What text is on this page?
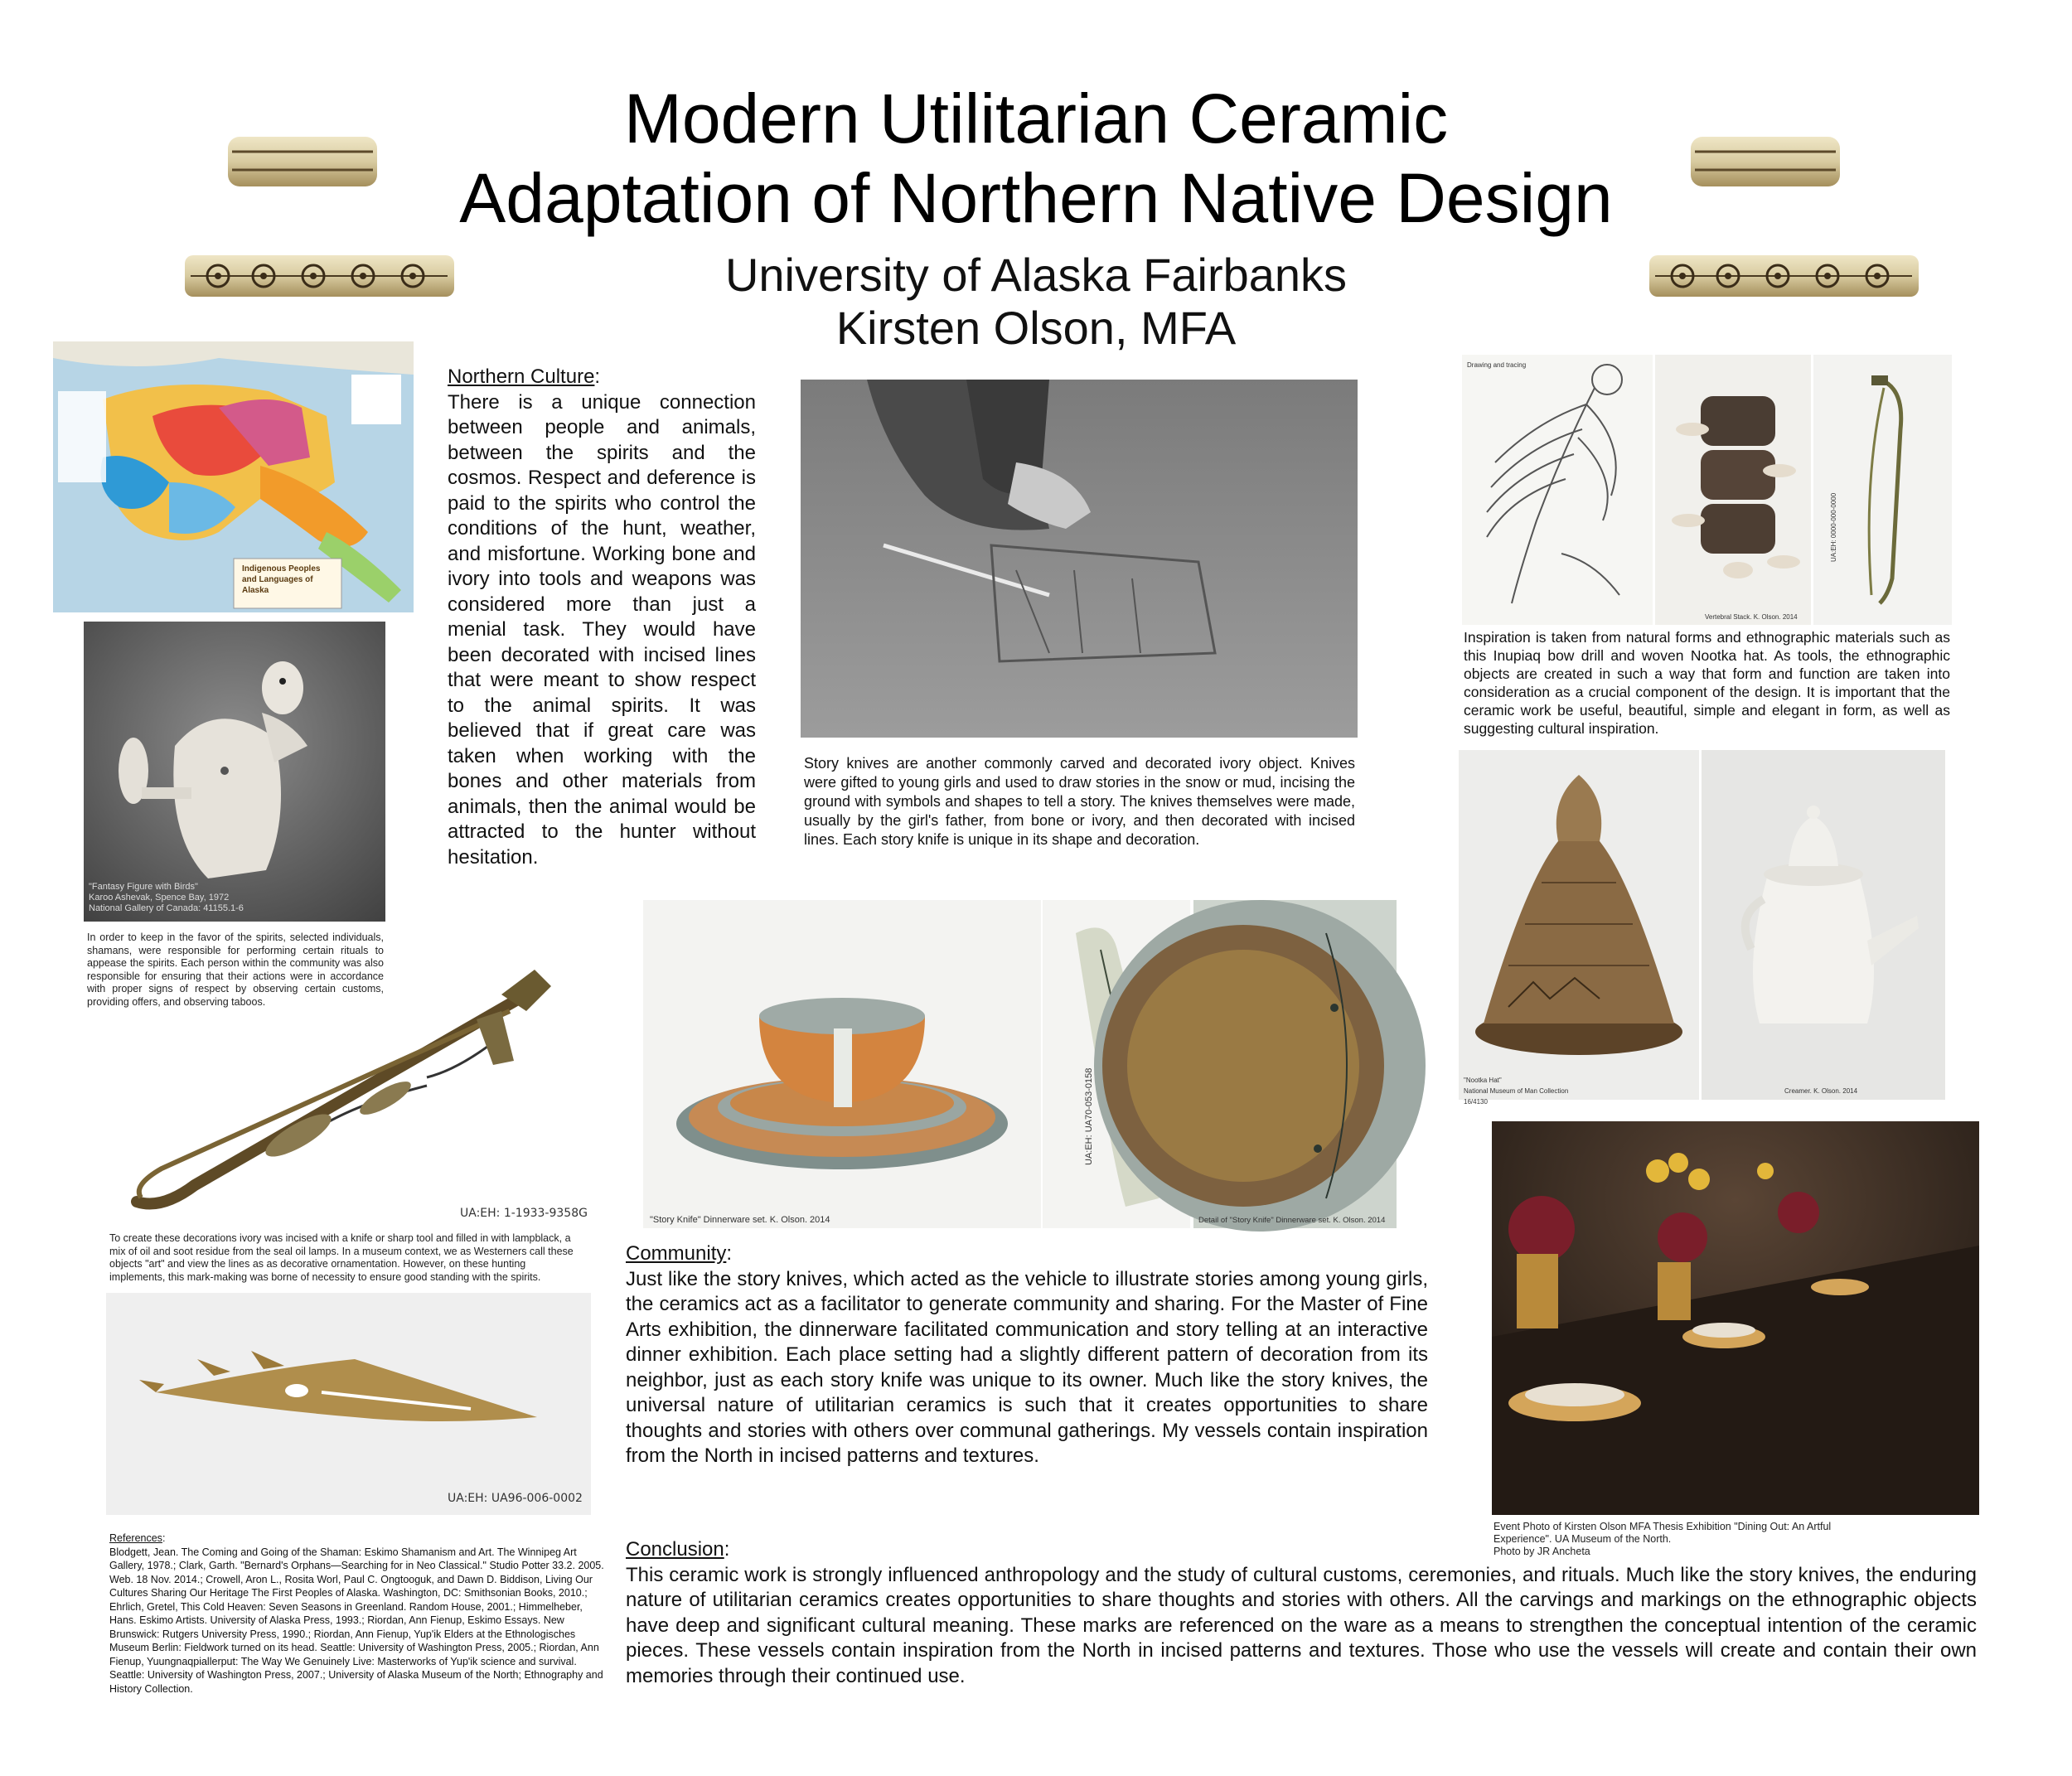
Modern Utilitarian Ceramic
Adaptation of Northern Native Design
University of Alaska Fairbanks
Kirsten Olson, MFA
Indigenous Peoples and Languages of Alaska
"Fantasy Figure with Birds"
Karoo Ashevak, Spence Bay, 1972
National Gallery of Canada: 41155.1-6
In order to keep in the favor of the spirits, selected individuals, shamans, were responsible for performing certain rituals to appease the spirits. Each person within the community was also responsible for ensuring that their actions were in accordance with proper signs of respect by observing certain customs, providing offers, and observing taboos.
UA:EH: 1-1933-9358G
To create these decorations ivory was incised with a knife or sharp tool and filled in with lampblack, a mix of oil and soot residue from the seal oil lamps. In a museum context, we as Westerners call these objects "art" and view the lines as as decorative ornamentation. However, on these hunting implements, this mark-making was borne of necessity to ensure good standing with the spirits.
UA:EH: UA96-006-0002
References:
Blodgett, Jean. The Coming and Going of the Shaman: Eskimo Shamanism and Art. The Winnipeg Art Gallery, 1978.; Clark, Garth. "Bernard's Orphans—Searching for in Neo Classical." Studio Potter 33.2. 2005. Web. 18 Nov. 2014.; Crowell, Aron L., Rosita Worl, Paul C. Ongtooguk, and Dawn D. Biddison, Living Our Cultures Sharing Our Heritage The First Peoples of Alaska. Washington, DC: Smithsonian Books, 2010.; Ehrlich, Gretel, This Cold Heaven: Seven Seasons in Greenland. Random House, 2001.; Himmelheber, Hans. Eskimo Artists. University of Alaska Press, 1993.; Riordan, Ann Fienup, Eskimo Essays. New Brunswick: Rutgers University Press, 1990.; Riordan, Ann Fienup, Yup'ik Elders at the Ethnologisches Museum Berlin: Fieldwork turned on its head. Seattle: University of Washington Press, 2005.; Riordan, Ann Fienup, Yuungnaqpiallerput: The Way We Genuinely Live: Masterworks of Yup'ik science and survival. Seattle: University of Washington Press, 2007.; University of Alaska Museum of the North; Ethnography and History Collection.
Northern Culture:
There is a unique connection between people and animals, between the spirits and the cosmos. Respect and deference is paid to the spirits who control the conditions of the hunt, weather, and misfortune. Working bone and ivory into tools and weapons was considered more than just a menial task. They would have been decorated with incised lines that were meant to show respect to the animal spirits. It was believed that if great care was taken when working with the bones and other materials from animals, then the animal would be attracted to the hunter without hesitation.
Story knives are another commonly carved and decorated ivory object. Knives were gifted to young girls and used to draw stories in the snow or mud, incising the ground with symbols and shapes to tell a story. The knives themselves were made, usually by the girl's father, from bone or ivory, and then decorated with incised lines. Each story knife is unique in its shape and decoration.
"Story Knife" Dinnerware set. K. Olson. 2014
UA:EH: UA70-053-0158
Detail of "Story Knife" Dinnerware set. K. Olson. 2014
Community:
Just like the story knives, which acted as the vehicle to illustrate stories among young girls, the ceramics act as a facilitator to generate community and sharing. For the Master of Fine Arts exhibition, the dinnerware facilitated communication and story telling at an interactive dinner exhibition. Each place setting had a slightly different pattern of decoration from its neighbor, just as each story knife was unique to its owner. Much like the story knives, the universal nature of utilitarian ceramics is such that it creates opportunities to share thoughts and stories with others over communal gatherings. My vessels contain inspiration from the North in incised patterns and textures.
Conclusion:
This ceramic work is strongly influenced anthropology and the study of cultural customs, ceremonies, and rituals. Much like the story knives, the enduring nature of utilitarian ceramics creates opportunities to share thoughts and stories with others. All the carvings and markings on the ethnographic objects have deep and significant cultural meaning. These marks are referenced on the ware as a means to strengthen the conceptual intention of the ceramic pieces. These vessels contain inspiration from the North in incised patterns and textures. Those who use the vessels will create and contain their own memories through their continued use.
Drawing and tracing
Vertebral Stack. K. Olson. 2014
UA:EH: 0000-000-0000
Inspiration is taken from natural forms and ethnographic materials such as this Inupiaq bow drill and woven Nootka hat. As tools, the ethnographic objects are created in such a way that form and function are taken into consideration as a crucial component of the design. It is important that the ceramic work be useful, beautiful, simple and elegant in form, as well as suggesting cultural inspiration.
"Nootka Hat"
National Museum of Man Collection
16/4130
Creamer. K. Olson. 2014
Event Photo of Kirsten Olson MFA Thesis Exhibition "Dining Out: An Artful
Experience". UA Museum of the North.
Photo by JR Ancheta
